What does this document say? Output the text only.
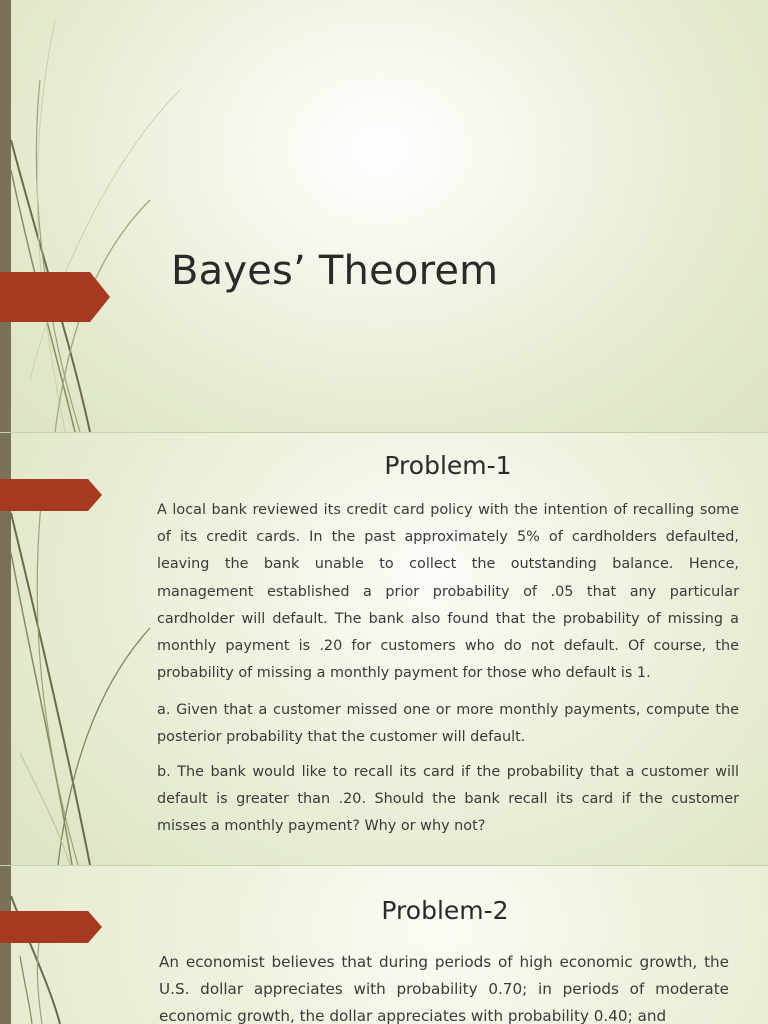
Bayes’ Theorem
Problem-1

A local bank reviewed its credit card policy with the intention of recalling some of its credit cards. In the past approximately 5% of cardholders defaulted, leaving the bank unable to collect the outstanding balance. Hence, management established a prior probability of .05 that any particular cardholder will default. The bank also found that the probability of missing a monthly payment is .20 for customers who do not default. Of course, the probability of missing a monthly payment for those who default is 1.

a. Given that a customer missed one or more monthly payments, compute the posterior probability that the customer will default.

b. The bank would like to recall its card if the probability that a customer will default is greater than .20. Should the bank recall its card if the customer misses a monthly payment? Why or why not?

Problem-2

An economist believes that during periods of high economic growth, the U.S. dollar appreciates with probability 0.70; in periods of moderate economic growth, the dollar appreciates with probability 0.40; and
